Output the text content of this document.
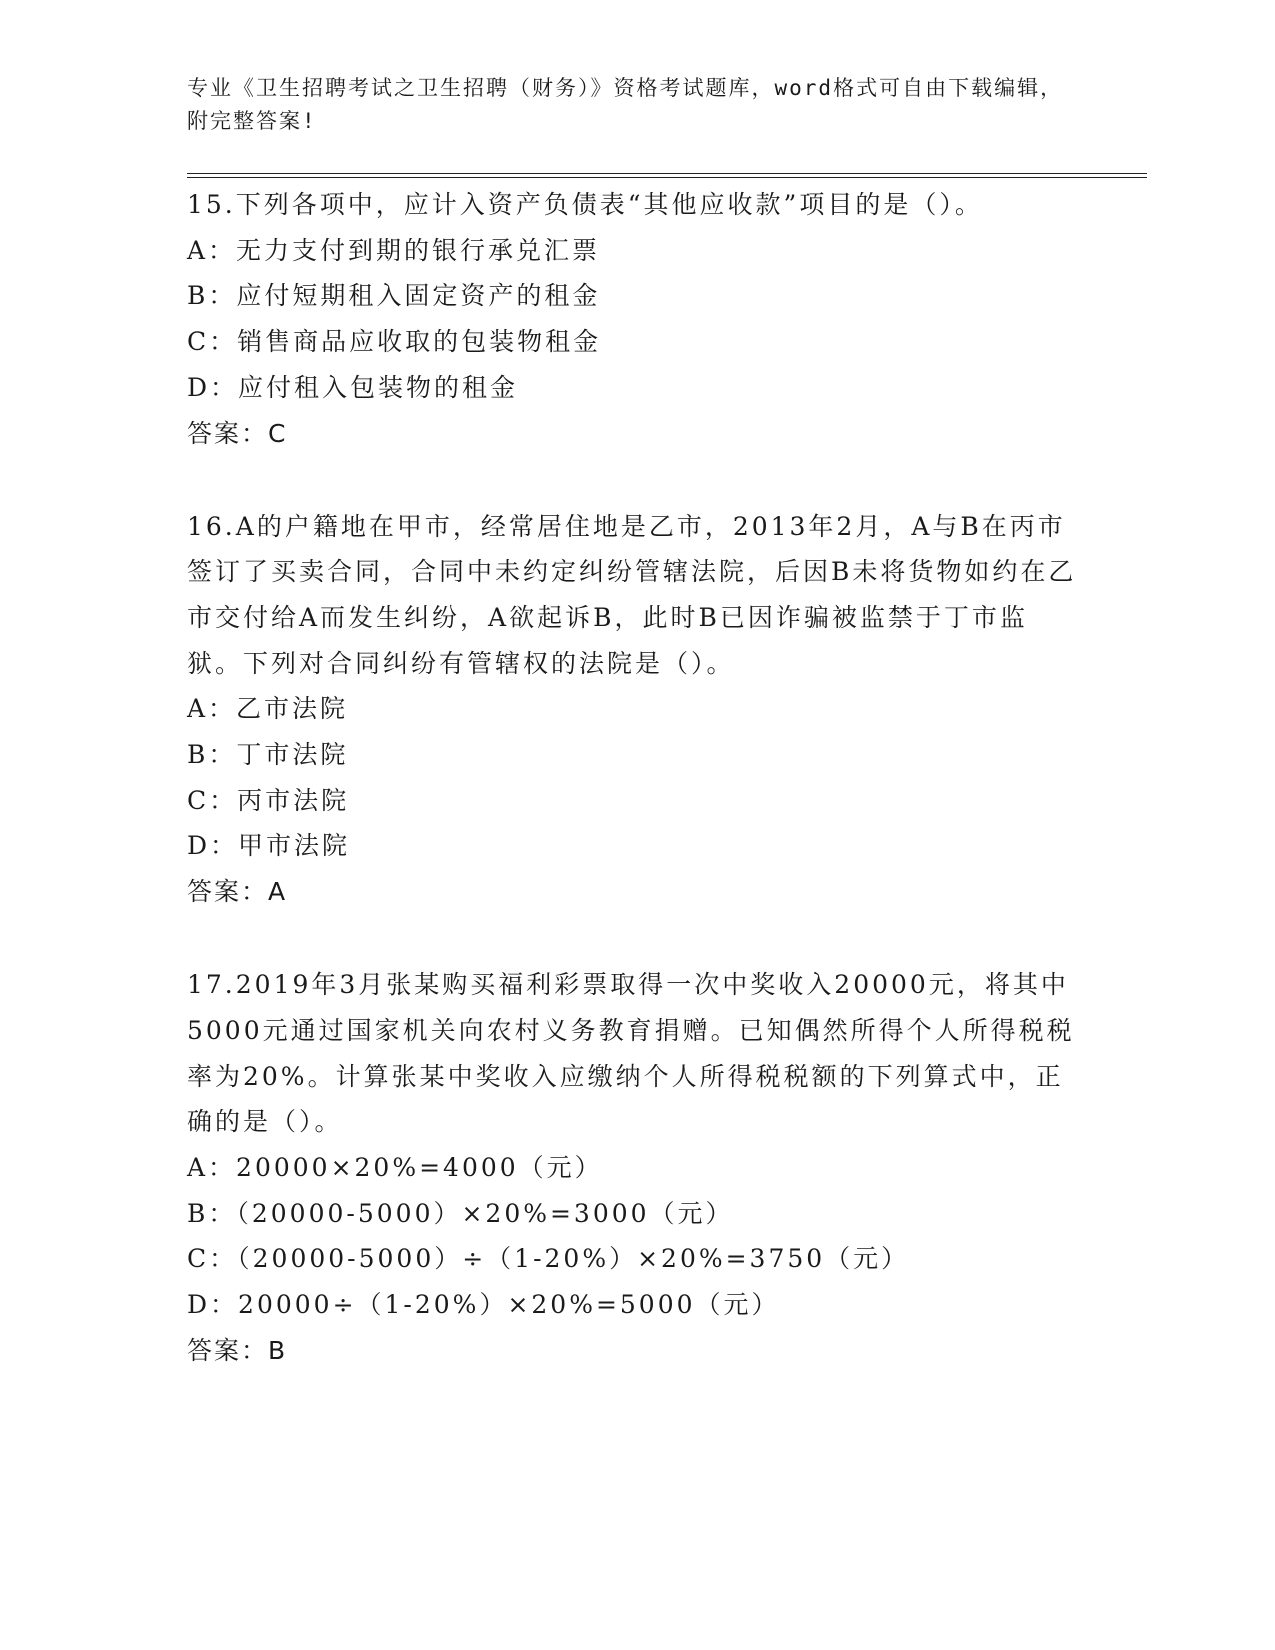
专业《卫生招聘考试之卫生招聘（财务）》资格考试题库，word格式可自由下载编辑，附完整答案!
15.下列各项中，应计入资产负债表“其他应收款”项目的是（）。
A：无力支付到期的银行承兑汇票
B：应付短期租入固定资产的租金
C：销售商品应收取的包装物租金
D：应付租入包装物的租金
答案：C
16.A的户籍地在甲市，经常居住地是乙市，2013年2月，A与B在丙市签订了买卖合同，合同中未约定纠纷管辖法院，后因B未将货物如约在乙市交付给A而发生纠纷，A欲起诉B，此时B已因诈骗被监禁于丁市监狱。下列对合同纠纷有管辖权的法院是（）。
A：乙市法院
B：丁市法院
C：丙市法院
D：甲市法院
答案：A
17.2019年3月张某购买福利彩票取得一次中奖收入20000元，将其中5000元通过国家机关向农村义务教育捐赠。已知偶然所得个人所得税税率为20%。计算张某中奖收入应缴纳个人所得税税额的下列算式中，正确的是（）。
A：20000×20%=4000（元）
B：（20000-5000）×20%=3000（元）
C：（20000-5000）÷（1-20%）×20%=3750（元）
D：20000÷（1-20%）×20%=5000（元）
答案：B
